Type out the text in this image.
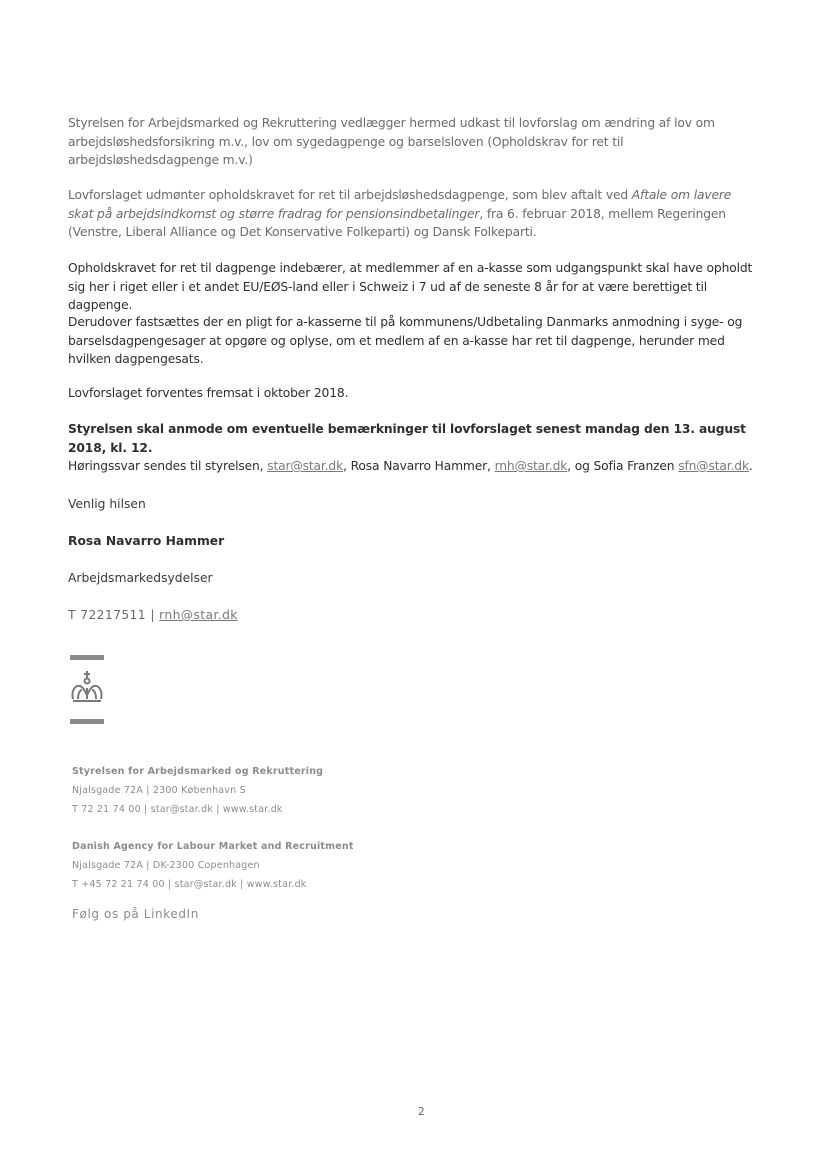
Styrelsen for Arbejdsmarked og Rekruttering vedlægger hermed udkast til lovforslag om ændring af lov om arbejdsløshedsforsikring m.v., lov om sygedagpenge og barselsloven (Opholdskrav for ret til arbejdsløshedsdagpenge m.v.)

Lovforslaget udmønter opholdskravet for ret til arbejdsløshedsdagpenge, som blev aftalt ved Aftale om lavere skat på arbejdsindkomst og større fradrag for pensionsindbetalinger, fra 6. februar 2018, mellem Regeringen (Venstre, Liberal Alliance og Det Konservative Folkeparti) og Dansk Folkeparti.

Opholdskravet for ret til dagpenge indebærer, at medlemmer af en a-kasse som udgangspunkt skal have opholdt sig her i riget eller i et andet EU/EØS-land eller i Schweiz i 7 ud af de seneste 8 år for at være berettiget til dagpenge.

Derudover fastsættes der en pligt for a-kasserne til på kommunens/Udbetaling Danmarks anmodning i syge- og barselsdagpengesager at opgøre og oplyse, om et medlem af en a-kasse har ret til dagpenge, herunder med hvilken dagpengesats.

Lovforslaget forventes fremsat i oktober 2018.

Styrelsen skal anmode om eventuelle bemærkninger til lovforslaget senest mandag den 13. august 2018, kl. 12.
Høringssvar sendes til styrelsen, star@star.dk, Rosa Navarro Hammer, rnh@star.dk, og Sofia Franzen sfn@star.dk.

Venlig hilsen
Rosa Navarro Hammer
Arbejdsmarkedsydelser
T 72217511 | rnh@star.dk
Styrelsen for Arbejdsmarked og Rekruttering
Njalsgade 72A | 2300 København S
T 72 21 74 00 | star@star.dk | www.star.dk
Danish Agency for Labour Market and Recruitment
Njalsgade 72A | DK-2300 Copenhagen
T +45 72 21 74 00 | star@star.dk | www.star.dk
Følg os på LinkedIn
2
